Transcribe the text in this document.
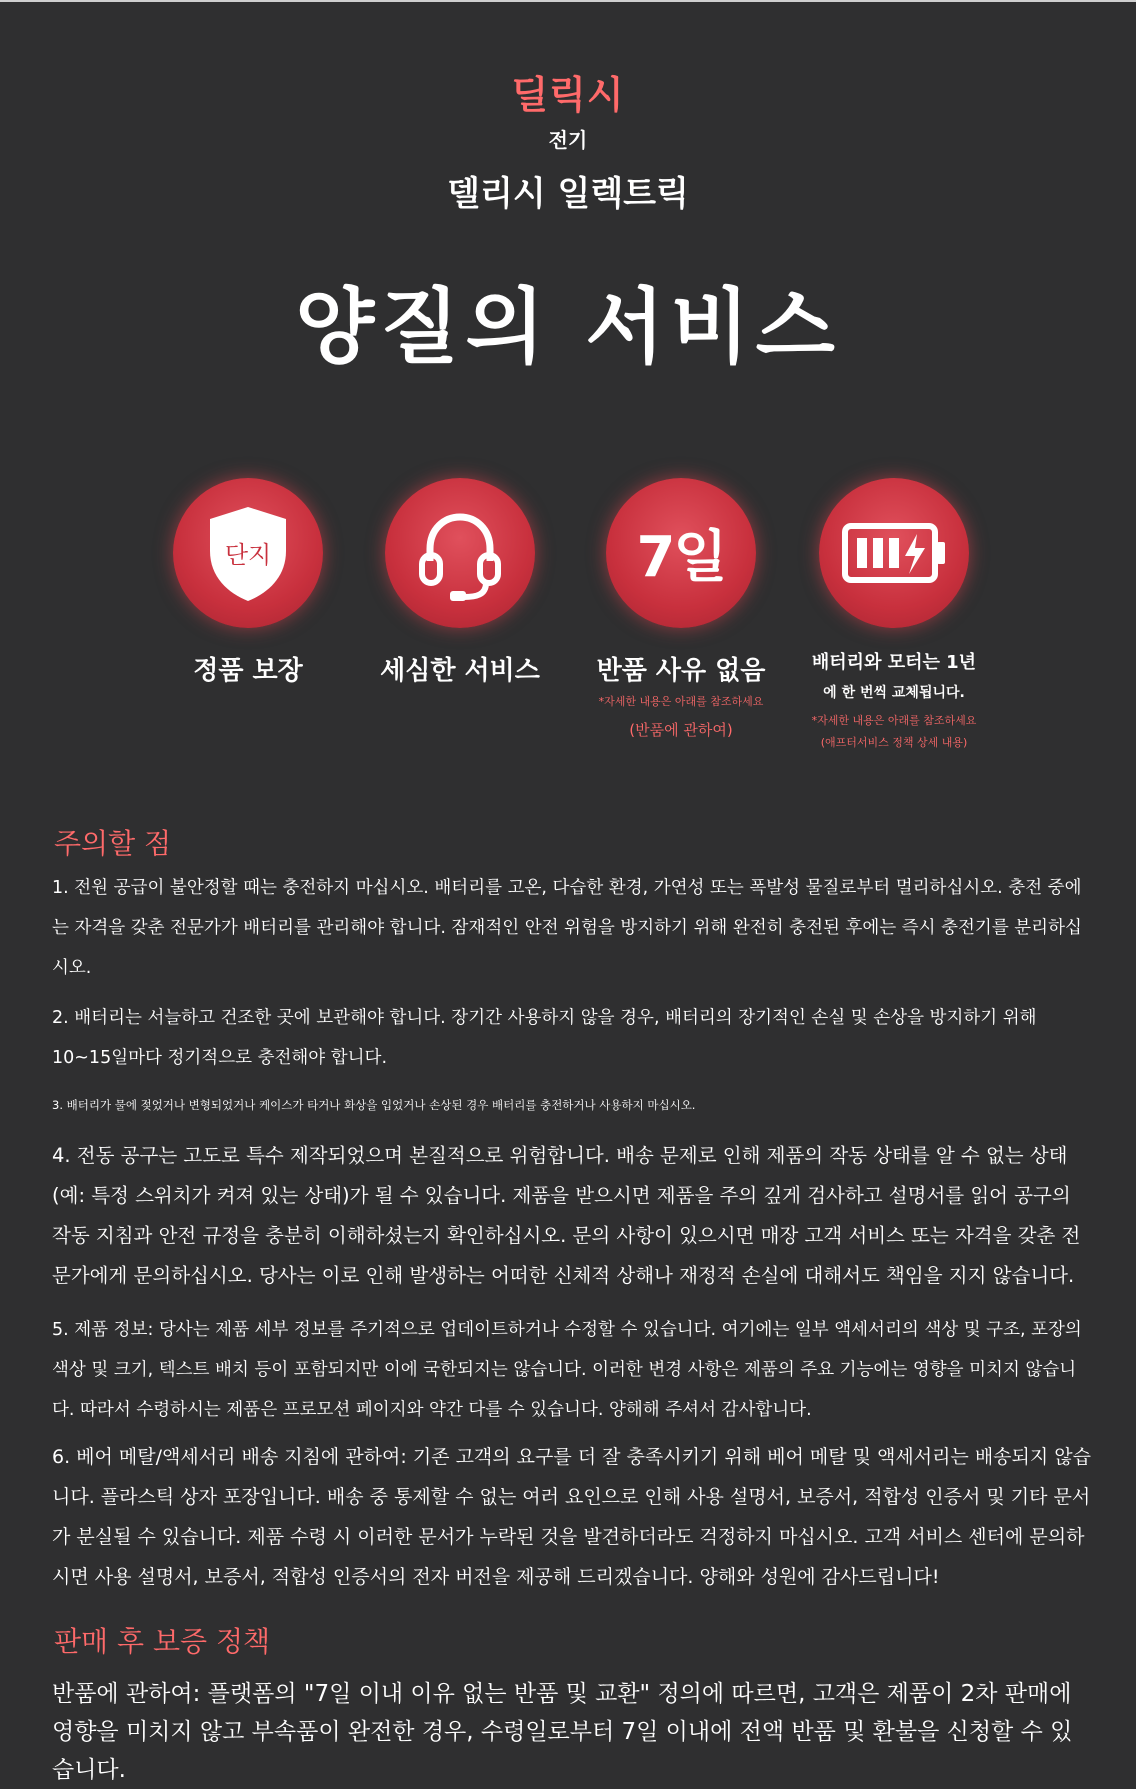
딜릭시
전기
델리시 일렉트릭
양질의 서비스
단지
정품 보장	세심한 서비스
7일
반품 사유 없음
*자세한 내용은 아래를 참조하세요
(반품에 관하여)
배터리와 모터는 1년
에 한 번씩 교체됩니다.
*자세한 내용은 아래를 참조하세요
(애프터서비스 정책 상세 내용)
주의할 점
1. 전원 공급이 불안정할 때는 충전하지 마십시오. 배터리를 고온, 다습한 환경, 가연성 또는 폭발성 물질로부터 멀리하십시오. 충전 중에는 자격을 갖춘 전문가가 배터리를 관리해야 합니다. 잠재적인 안전 위험을 방지하기 위해 완전히 충전된 후에는 즉시 충전기를 분리하십시오.
2. 배터리는 서늘하고 건조한 곳에 보관해야 합니다. 장기간 사용하지 않을 경우, 배터리의 장기적인 손실 및 손상을 방지하기 위해 10~15일마다 정기적으로 충전해야 합니다.
3. 배터리가 물에 젖었거나 변형되었거나 케이스가 타거나 화상을 입었거나 손상된 경우 배터리를 충전하거나 사용하지 마십시오.
4. 전동 공구는 고도로 특수 제작되었으며 본질적으로 위험합니다. 배송 문제로 인해 제품의 작동 상태를 알 수 없는 상태(예: 특정 스위치가 켜져 있는 상태)가 될 수 있습니다. 제품을 받으시면 제품을 주의 깊게 검사하고 설명서를 읽어 공구의 작동 지침과 안전 규정을 충분히 이해하셨는지 확인하십시오. 문의 사항이 있으시면 매장 고객 서비스 또는 자격을 갖춘 전문가에게 문의하십시오. 당사는 이로 인해 발생하는 어떠한 신체적 상해나 재정적 손실에 대해서도 책임을 지지 않습니다.
5. 제품 정보: 당사는 제품 세부 정보를 주기적으로 업데이트하거나 수정할 수 있습니다. 여기에는 일부 액세서리의 색상 및 구조, 포장의 색상 및 크기, 텍스트 배치 등이 포함되지만 이에 국한되지는 않습니다. 이러한 변경 사항은 제품의 주요 기능에는 영향을 미치지 않습니다. 따라서 수령하시는 제품은 프로모션 페이지와 약간 다를 수 있습니다. 양해해 주셔서 감사합니다.
6. 베어 메탈/액세서리 배송 지침에 관하여: 기존 고객의 요구를 더 잘 충족시키기 위해 베어 메탈 및 액세서리는 배송되지 않습니다. 플라스틱 상자 포장입니다. 배송 중 통제할 수 없는 여러 요인으로 인해 사용 설명서, 보증서, 적합성 인증서 및 기타 문서가 분실될 수 있습니다. 제품 수령 시 이러한 문서가 누락된 것을 발견하더라도 걱정하지 마십시오. 고객 서비스 센터에 문의하시면 사용 설명서, 보증서, 적합성 인증서의 전자 버전을 제공해 드리겠습니다. 양해와 성원에 감사드립니다!
판매 후 보증 정책
반품에 관하여: 플랫폼의 "7일 이내 이유 없는 반품 및 교환" 정의에 따르면, 고객은 제품이 2차 판매에 영향을 미치지 않고 부속품이 완전한 경우, 수령일로부터 7일 이내에 전액 반품 및 환불을 신청할 수 있습니다.
